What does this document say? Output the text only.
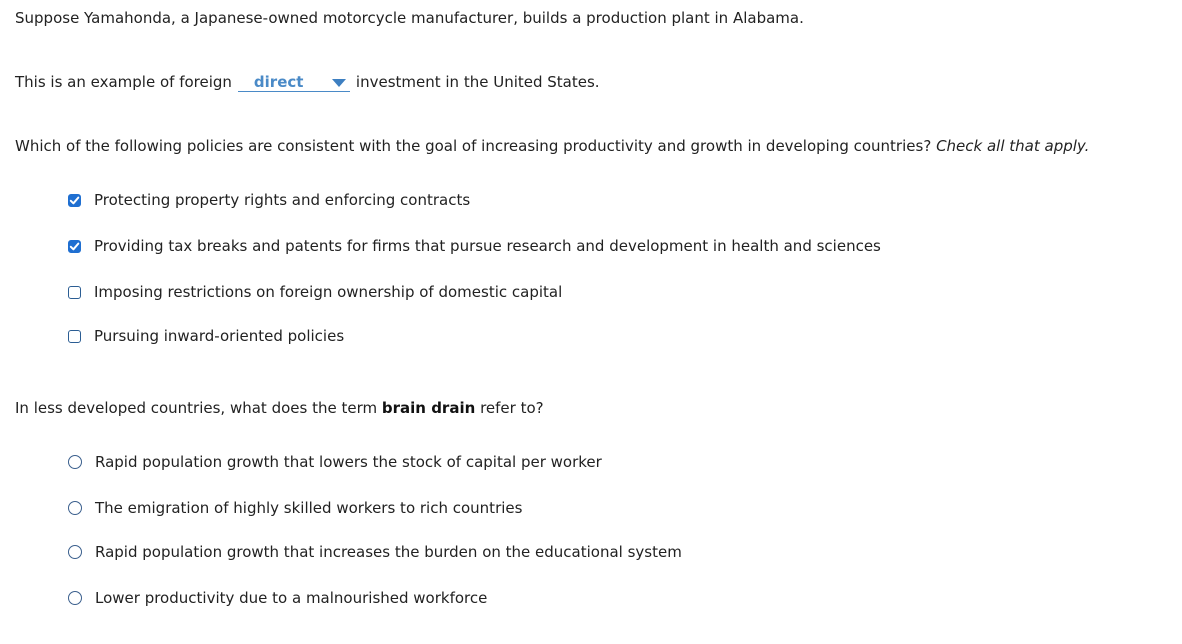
Suppose Yamahonda, a Japanese-owned motorcycle manufacturer, builds a production plant in Alabama.
This is an example of foreign direct	investment in the United States.
Which of the following policies are consistent with the goal of increasing productivity and growth in developing countries? Check all that apply.
Protecting property rights and enforcing contracts
Providing tax breaks and patents for firms that pursue research and development in health and sciences
Imposing restrictions on foreign ownership of domestic capital
Pursuing inward-oriented policies
In less developed countries, what does the term brain drain refer to?
Rapid population growth that lowers the stock of capital per worker
The emigration of highly skilled workers to rich countries
Rapid population growth that increases the burden on the educational system
Lower productivity due to a malnourished workforce
